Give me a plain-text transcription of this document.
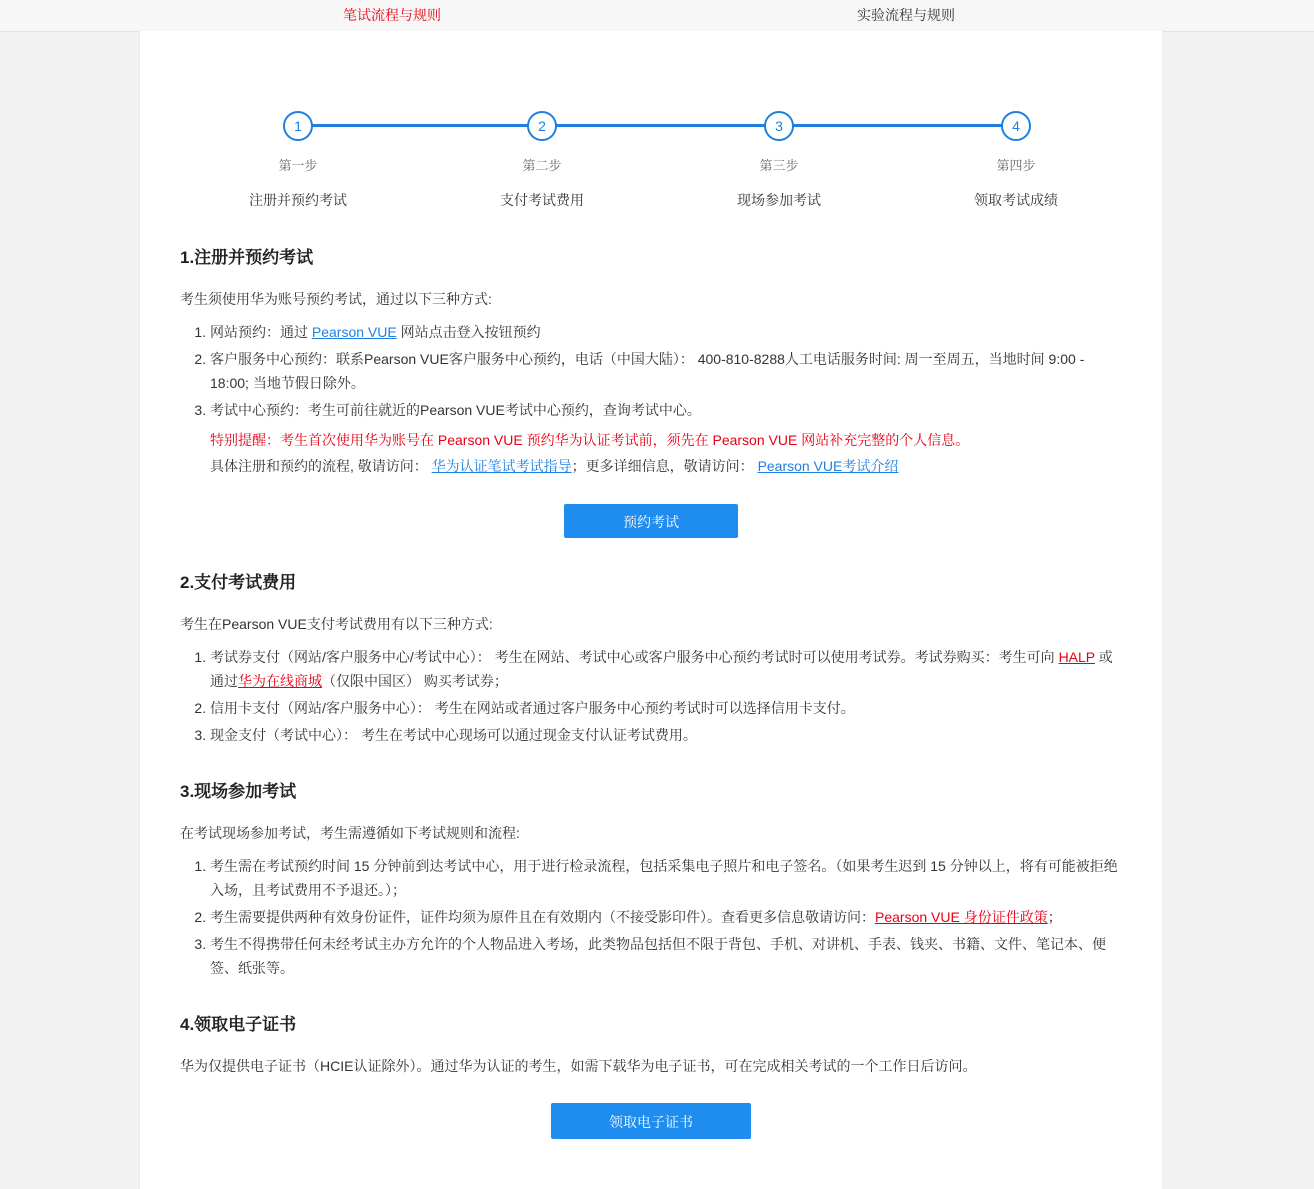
笔试流程与规则	实验流程与规则
1
第一步
注册并预约考试
2
第二步
支付考试费用
3
第三步
现场参加考试
4
第四步
领取考试成绩
1.注册并预约考试

考生须使用华为账号预约考试，通过以下三种方式:

1. 网站预约：通过 Pearson VUE 网站点击登入按钮预约
2. 客户服务中心预约：联系Pearson VUE客户服务中心预约，电话（中国大陆）： 400-810-8288人工电话服务时间: 周一至周五，当地时间 9:00 - 18:00; 当地节假日除外。
3. 考试中心预约：考生可前往就近的Pearson VUE考试中心预约，查询考试中心。
特别提醒：考生首次使用华为账号在 Pearson VUE 预约华为认证考试前，须先在 Pearson VUE 网站补充完整的个人信息。
具体注册和预约的流程, 敬请访问： 华为认证笔试考试指导；更多详细信息，敬请访问： Pearson VUE考试介绍
预约考试
2.支付考试费用

考生在Pearson VUE支付考试费用有以下三种方式:

1. 考试券支付（网站/客户服务中心/考试中心）： 考生在网站、考试中心或客户服务中心预约考试时可以使用考试券。考试券购买：考生可向 HALP 或通过华为在线商城（仅限中国区） 购买考试券；
2. 信用卡支付（网站/客户服务中心）： 考生在网站或者通过客户服务中心预约考试时可以选择信用卡支付。
3. 现金支付（考试中心）： 考生在考试中心现场可以通过现金支付认证考试费用。
3.现场参加考试

在考试现场参加考试，考生需遵循如下考试规则和流程:

1. 考生需在考试预约时间 15 分钟前到达考试中心，用于进行检录流程，包括采集电子照片和电子签名。（如果考生迟到 15 分钟以上，将有可能被拒绝入场，且考试费用不予退还。）；
2. 考生需要提供两种有效身份证件，证件均须为原件且在有效期内（不接受影印件）。查看更多信息敬请访问：Pearson VUE 身份证件政策；
3. 考生不得携带任何未经考试主办方允许的个人物品进入考场，此类物品包括但不限于背包、手机、对讲机、手表、钱夹、书籍、文件、笔记本、便签、纸张等。
4.领取电子证书

华为仅提供电子证书（HCIE认证除外）。通过华为认证的考生，如需下载华为电子证书，可在完成相关考试的一个工作日后访问。

领取电子证书
